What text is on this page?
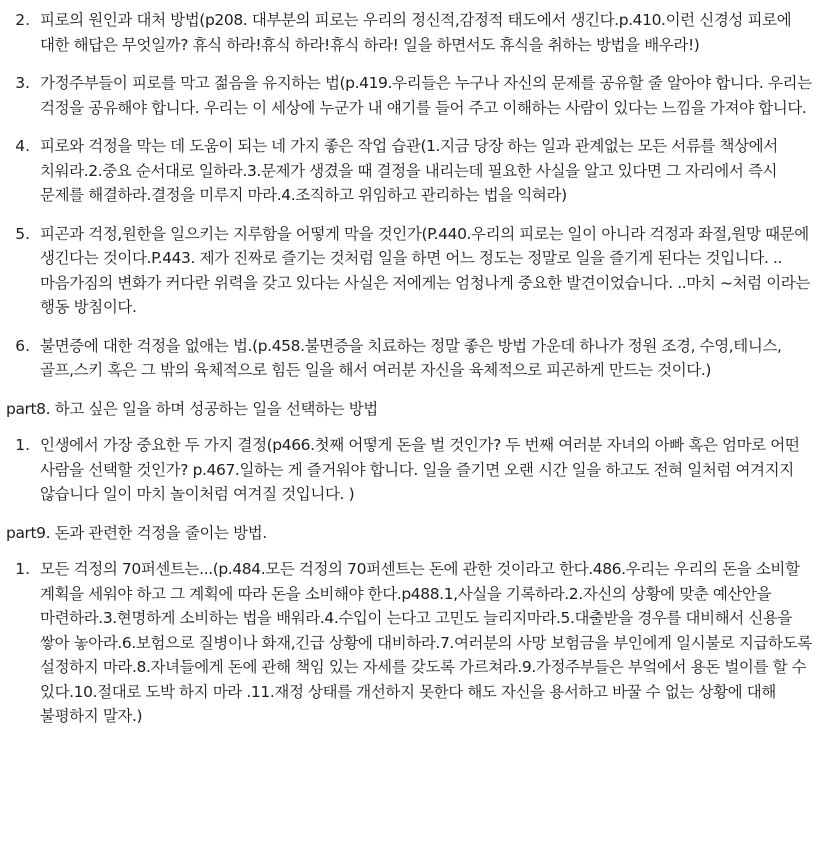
2. 피로의 원인과 대처 방법(p208. 대부분의 피로는 우리의 정신적,감정적 태도에서 생긴다.p.410.이런 신경성 피로에 대한 해답은 무엇일까? 휴식 하라!휴식 하라!휴식 하라! 일을 하면서도 휴식을 취하는 방법을 배우라!)
3. 가정주부들이 피로를 막고 젊음을 유지하는 법(p.419.우리들은 누구나 자신의 문제를 공유할 줄 알아야 합니다. 우리는 걱정을 공유해야 합니다. 우리는 이 세상에 누군가 내 얘기를 들어 주고 이해하는 사람이 있다는 느낌을 가져야 합니다.
4. 피로와 걱정을 막는 데 도움이 되는 네 가지 좋은 작업 습관(1.지금 당장 하는 일과 관계없는 모든 서류를 책상에서 치워라.2.중요 순서대로 일하라.3.문제가 생겼을 때 결정을 내리는데 필요한 사실을 알고 있다면 그 자리에서 즉시 문제를 해결하라.결정을 미루지 마라.4.조직하고 위임하고 관리하는 법을 익혀라)
5. 피곤과 걱정,원한을 일으키는 지루함을 어떻게 막을 것인가(P.440.우리의 피로는 일이 아니라 걱정과 좌절,원망 때문에 생긴다는 것이다.P.443. 제가 진짜로 즐기는 것처럼 일을 하면 어느 정도는 정말로 일을 즐기게 된다는 것입니다. ..마음가짐의 변화가 커다란 위력을 갖고 있다는 사실은 저에게는 엄청나게 중요한 발견이었습니다. ..마치 ~처럼 이라는 행동 방침이다.
6. 불면증에 대한 걱정을 없애는 법.(p.458.불면증을 치료하는 정말 좋은 방법 가운데 하나가 정원 조경, 수영,테니스,골프,스키 혹은 그 밖의 육체적으로 힘든 일을 해서 여러분 자신을 육체적으로 피곤하게 만드는 것이다.)
part8. 하고 싶은 일을 하며 성공하는 일을 선택하는 방법
1. 인생에서 가장 중요한 두 가지 결정(p466.첫째 어떻게 돈을 벌 것인가? 두 번째 여러분 자녀의 아빠 혹은 엄마로 어떤 사람을 선택할 것인가? p.467.일하는 게 즐거워야 합니다. 일을 즐기면 오랜 시간 일을 하고도 전혀 일처럼 여겨지지 않습니다 일이 마치 놀이처럼 여겨질 것입니다. )
part9. 돈과 관련한 걱정을 줄이는 방법.
1. 모든 걱정의 70퍼센트는...(p.484.모든 걱정의 70퍼센트는 돈에 관한 것이라고 한다.486.우리는 우리의 돈을 소비할 계획을 세워야 하고 그 계획에 따라 돈을 소비해야 한다.p488.1,사실을 기록하라.2.자신의 상황에 맞춘 예산안을 마련하라.3.현명하게 소비하는 법을 배워라.4.수입이 는다고 고민도 늘리지마라.5.대출받을 경우를 대비해서 신용을 쌓아 놓아라.6.보험으로 질병이나 화재,긴급 상황에 대비하라.7.여러분의 사망 보험금을 부인에게 일시불로 지급하도록 설정하지 마라.8.자녀들에게 돈에 관해 책임 있는 자세를 갖도록 가르쳐라.9.가정주부들은 부엌에서 용돈 벌이를 할 수 있다.10.절대로 도박 하지 마라 .11.재정 상태를 개선하지 못한다 해도 자신을 용서하고 바꿀 수 없는 상황에 대해 불평하지 말자.)
